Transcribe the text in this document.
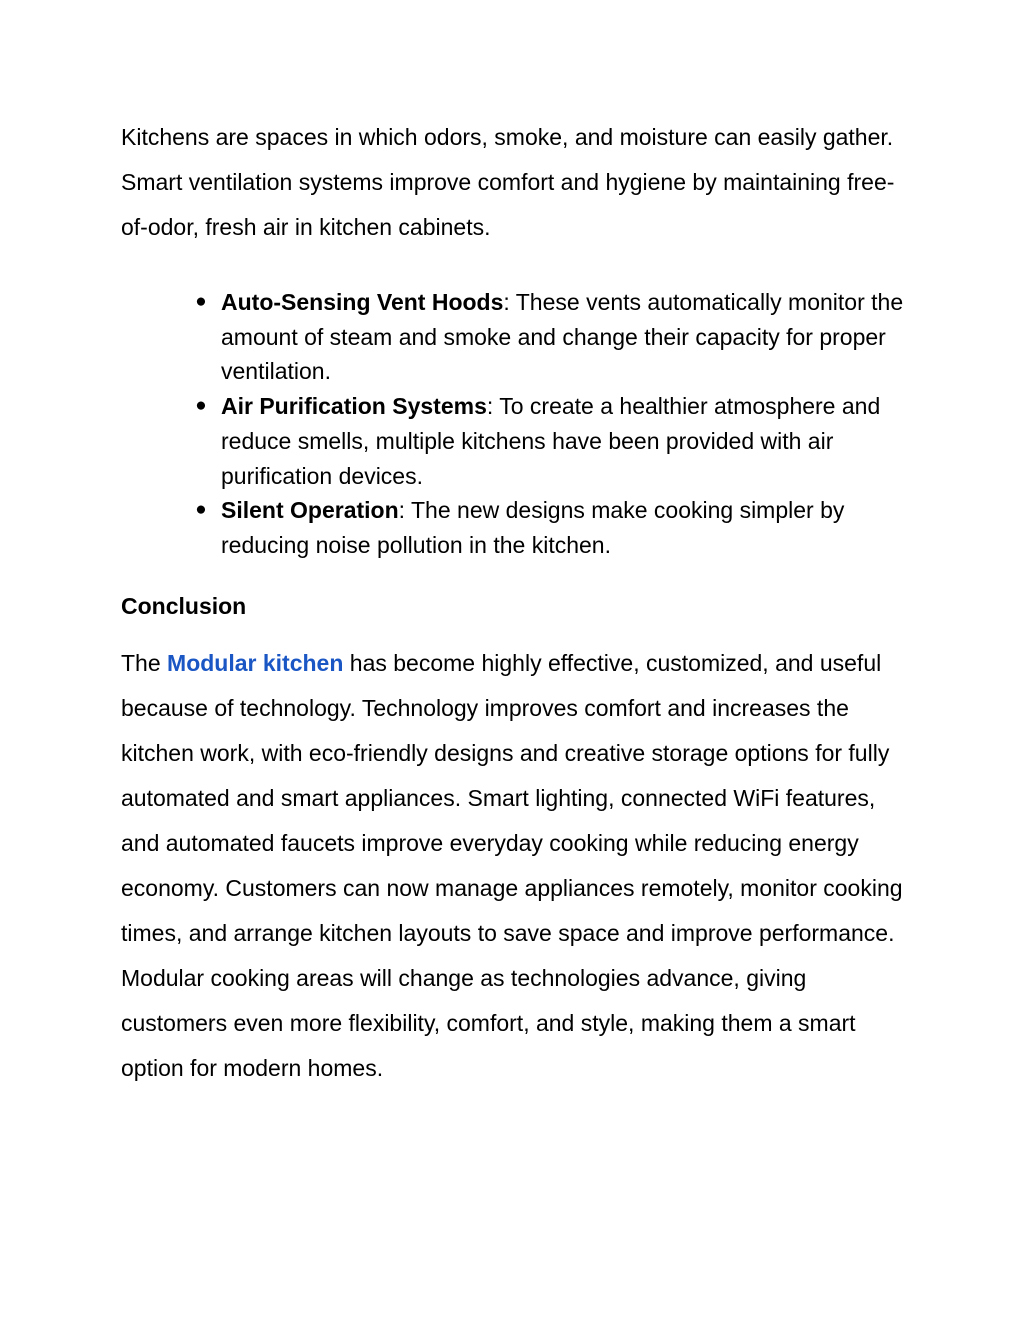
Kitchens are spaces in which odors, smoke, and moisture can easily gather. Smart ventilation systems improve comfort and hygiene by maintaining free-of-odor, fresh air in kitchen cabinets.

● Auto-Sensing Vent Hoods: These vents automatically monitor the amount of steam and smoke and change their capacity for proper ventilation.
● Air Purification Systems: To create a healthier atmosphere and reduce smells, multiple kitchens have been provided with air purification devices.
● Silent Operation: The new designs make cooking simpler by reducing noise pollution in the kitchen.
Conclusion

The Modular kitchen has become highly effective, customized, and useful because of technology. Technology improves comfort and increases the kitchen work, with eco-friendly designs and creative storage options for fully automated and smart appliances. Smart lighting, connected WiFi features, and automated faucets improve everyday cooking while reducing energy economy. Customers can now manage appliances remotely, monitor cooking times, and arrange kitchen layouts to save space and improve performance. Modular cooking areas will change as technologies advance, giving customers even more flexibility, comfort, and style, making them a smart option for modern homes.
